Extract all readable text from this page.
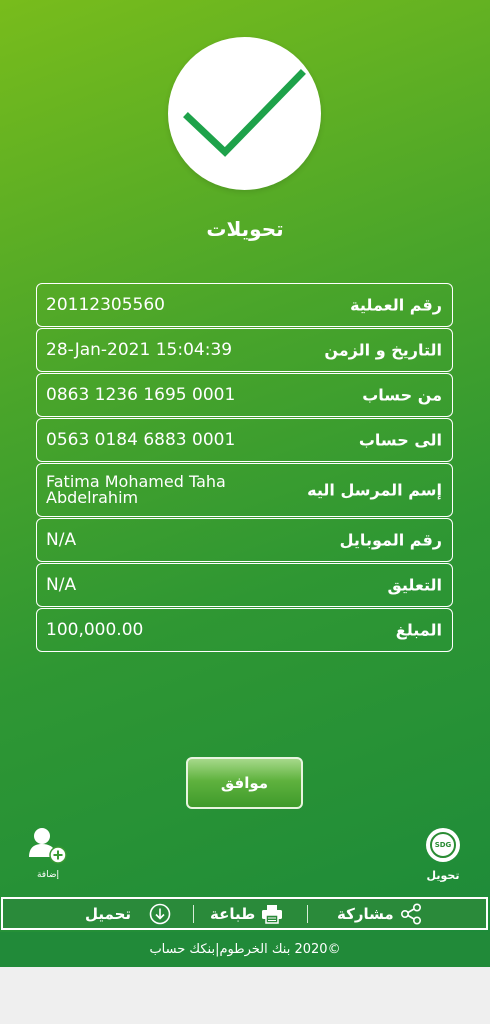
تحويلات
رقم العملية
20112305560
التاريخ و الزمن
28-Jan-2021 15:04:39
من حساب
0863 1236 1695 0001
الى حساب
0563 0184 6883 0001
إسم المرسل اليه
Fatima Mohamed Taha Abdelrahim
رقم الموبايل
N/A
التعليق
N/A
المبلغ
100,000.00
موافق
إضافة
SDG
تحويل
مشاركة
طباعة
تحميل
©2020 بنك الخرطوم|بنكك حساب
